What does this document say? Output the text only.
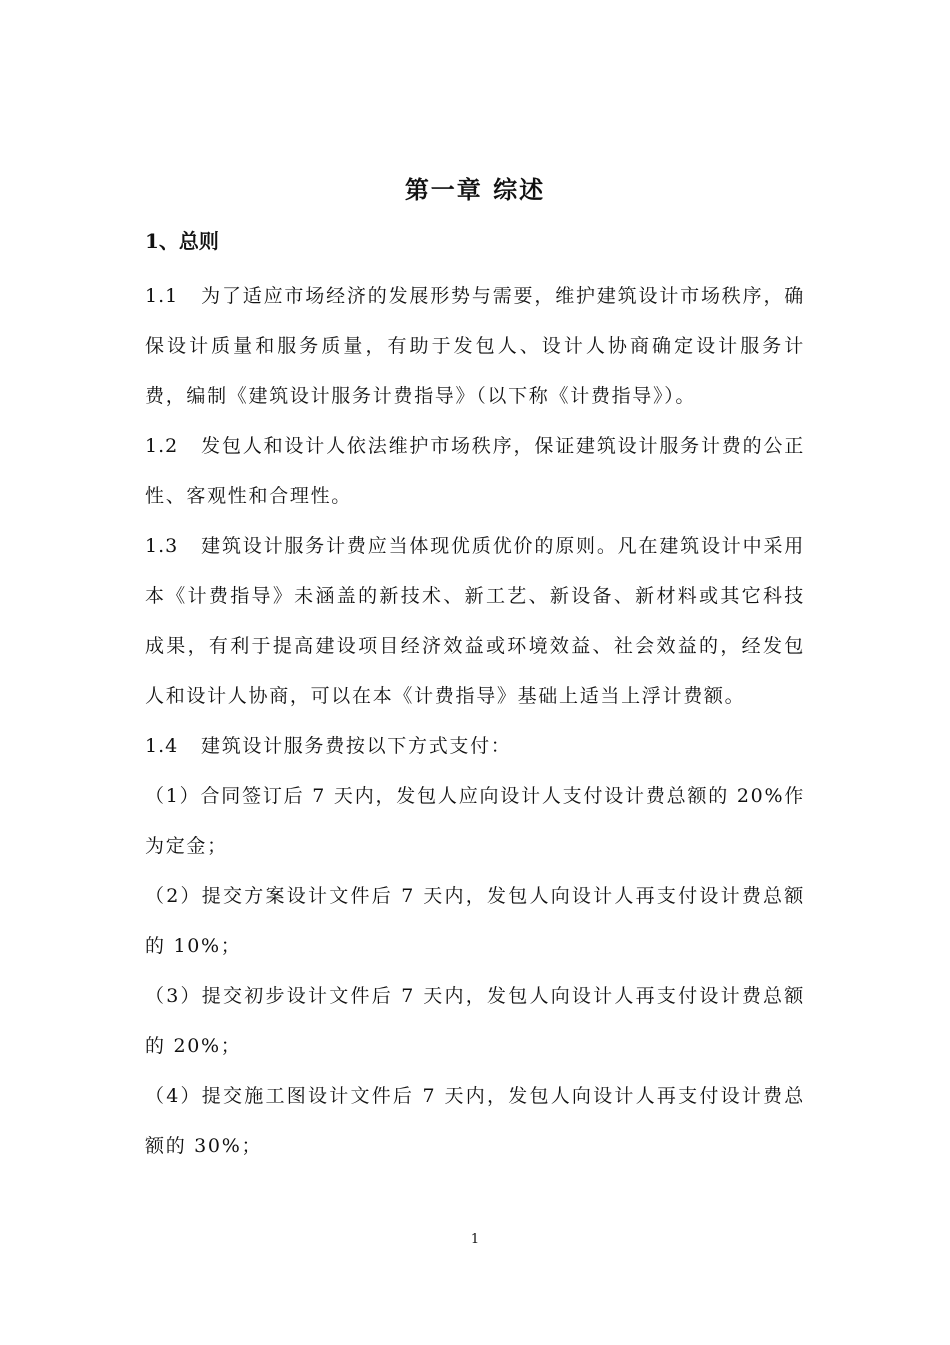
第一章 综述
1、总则

1.1 为了适应市场经济的发展形势与需要，维护建筑设计市场秩序，确保设计质量和服务质量，有助于发包人、设计人协商确定设计服务计费，编制《建筑设计服务计费指导》（以下称《计费指导》）。

1.2 发包人和设计人依法维护市场秩序，保证建筑设计服务计费的公正性、客观性和合理性。

1.3 建筑设计服务计费应当体现优质优价的原则。凡在建筑设计中采用本《计费指导》未涵盖的新技术、新工艺、新设备、新材料或其它科技成果，有利于提高建设项目经济效益或环境效益、社会效益的，经发包人和设计人协商，可以在本《计费指导》基础上适当上浮计费额。

1.4 建筑设计服务费按以下方式支付：

（1）合同签订后 7 天内，发包人应向设计人支付设计费总额的 20%作为定金；

（2）提交方案设计文件后 7 天内，发包人向设计人再支付设计费总额的 10%；

（3）提交初步设计文件后 7 天内，发包人向设计人再支付设计费总额的 20%；

（4）提交施工图设计文件后 7 天内，发包人向设计人再支付设计费总额的 30%；

1
